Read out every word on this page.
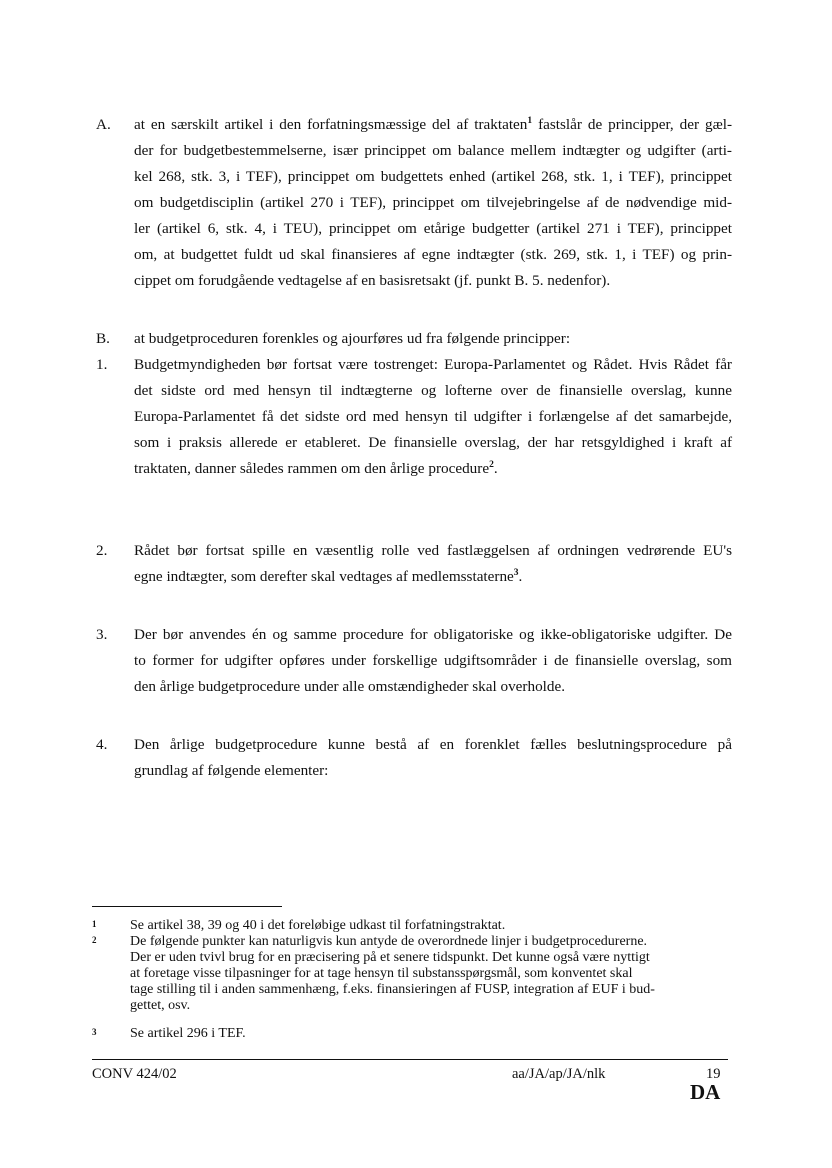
A. at en særskilt artikel i den forfatningsmæssige del af traktaten$^1$ fastslår de principper, der gæl-
der for budgetbestemmelserne, især princippet om balance mellem indtægter og udgifter (arti-
kel 268, stk. 3, i TEF), princippet om budgettets enhed (artikel 268, stk. 1, i TEF), princippet
om budgetdisciplin (artikel 270 i TEF), princippet om tilvejebringelse af de nødvendige mid-
ler (artikel 6, stk. 4, i TEU), princippet om etårige budgetter (artikel 271 i TEF), princippet
om, at budgettet fuldt ud skal finansieres af egne indtægter (stk. 269, stk. 1, i TEF) og prin-
cippet om forudgående vedtagelse af en basisretsakt (jf. punkt B. 5. nedenfor).
B. at budgetproceduren forenkles og ajourføres ud fra følgende principper:
1. Budgetmyndigheden bør fortsat være tostrenget: Europa-Parlamentet og Rådet. Hvis Rådet får
det sidste ord med hensyn til indtægterne og lofterne over de finansielle overslag, kunne
Europa-Parlamentet få det sidste ord med hensyn til udgifter i forlængelse af det samarbejde,
som i praksis allerede er etableret. De finansielle overslag, der har retsgyldighed i kraft af
traktaten, danner således rammen om den årlige procedure$^2$.
2. Rådet bør fortsat spille en væsentlig rolle ved fastlæggelsen af ordningen vedrørende EU's
egne indtægter, som derefter skal vedtages af medlemsstaterne$^3$.
3. Der bør anvendes én og samme procedure for obligatoriske og ikke-obligatoriske udgifter. De
to former for udgifter opføres under forskellige udgiftsområder i de finansielle overslag, som
den årlige budgetprocedure under alle omstændigheder skal overholde.
4. Den årlige budgetprocedure kunne bestå af en forenklet fælles beslutningsprocedure på
grundlag af følgende elementer:
1 Se artikel 38, 39 og 40 i det foreløbige udkast til forfatningstraktat.
2 De følgende punkter kan naturligvis kun antyde de overordnede linjer i budgetprocedurerne.
Der er uden tvivl brug for en præcisering på et senere tidspunkt. Det kunne også være nyttigt
at foretage visse tilpasninger for at tage hensyn til substansspørgsmål, som konventet skal
tage stilling til i anden sammenhæng, f.eks. finansieringen af FUSP, integration af EUF i bud-
gettet, osv.
3 Se artikel 296 i TEF.
CONV 424/02	aa/JA/ap/JA/nlk	19
DA
